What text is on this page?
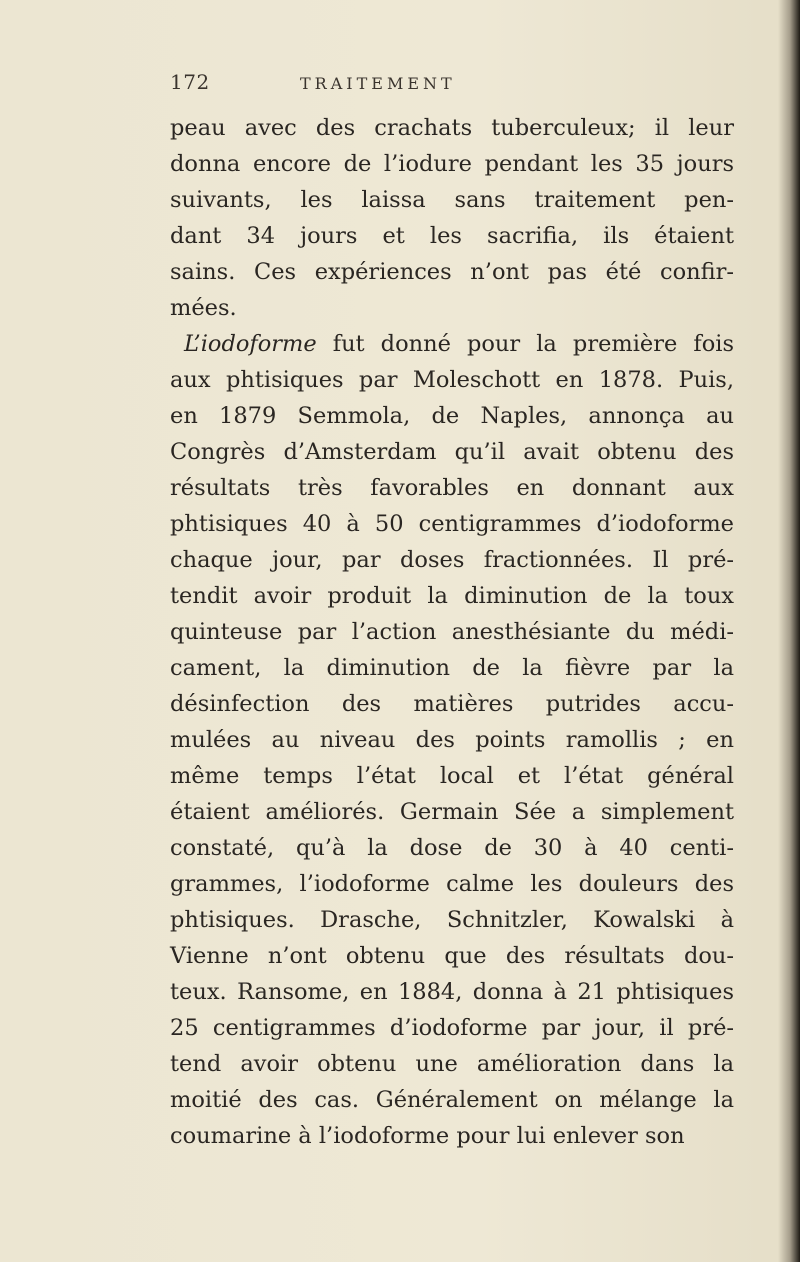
172	TRAITEMENT
peau avec des crachats tuberculeux; il leur
donna encore de l’iodure pendant les 35 jours
suivants, les laissa sans traitement pen-
dant 34 jours et les sacrifia, ils étaient
sains. Ces expériences n’ont pas été confir-
mées.
L’iodoforme fut donné pour la première fois
aux phtisiques par Moleschott en 1878. Puis,
en 1879 Semmola, de Naples, annonça au
Congrès d’Amsterdam qu’il avait obtenu des
résultats très favorables en donnant aux
phtisiques 40 à 50 centigrammes d’iodoforme
chaque jour, par doses fractionnées. Il pré-
tendit avoir produit la diminution de la toux
quinteuse par l’action anesthésiante du médi-
cament, la diminution de la fièvre par la
désinfection des matières putrides accu-
mulées au niveau des points ramollis ; en
même temps l’état local et l’état général
étaient améliorés. Germain Sée a simplement
constaté, qu’à la dose de 30 à 40 centi-
grammes, l’iodoforme calme les douleurs des
phtisiques. Drasche, Schnitzler, Kowalski à
Vienne n’ont obtenu que des résultats dou-
teux. Ransome, en 1884, donna à 21 phtisiques
25 centigrammes d’iodoforme par jour, il pré-
tend avoir obtenu une amélioration dans la
moitié des cas. Généralement on mélange la
coumarine à l’iodoforme pour lui enlever son
